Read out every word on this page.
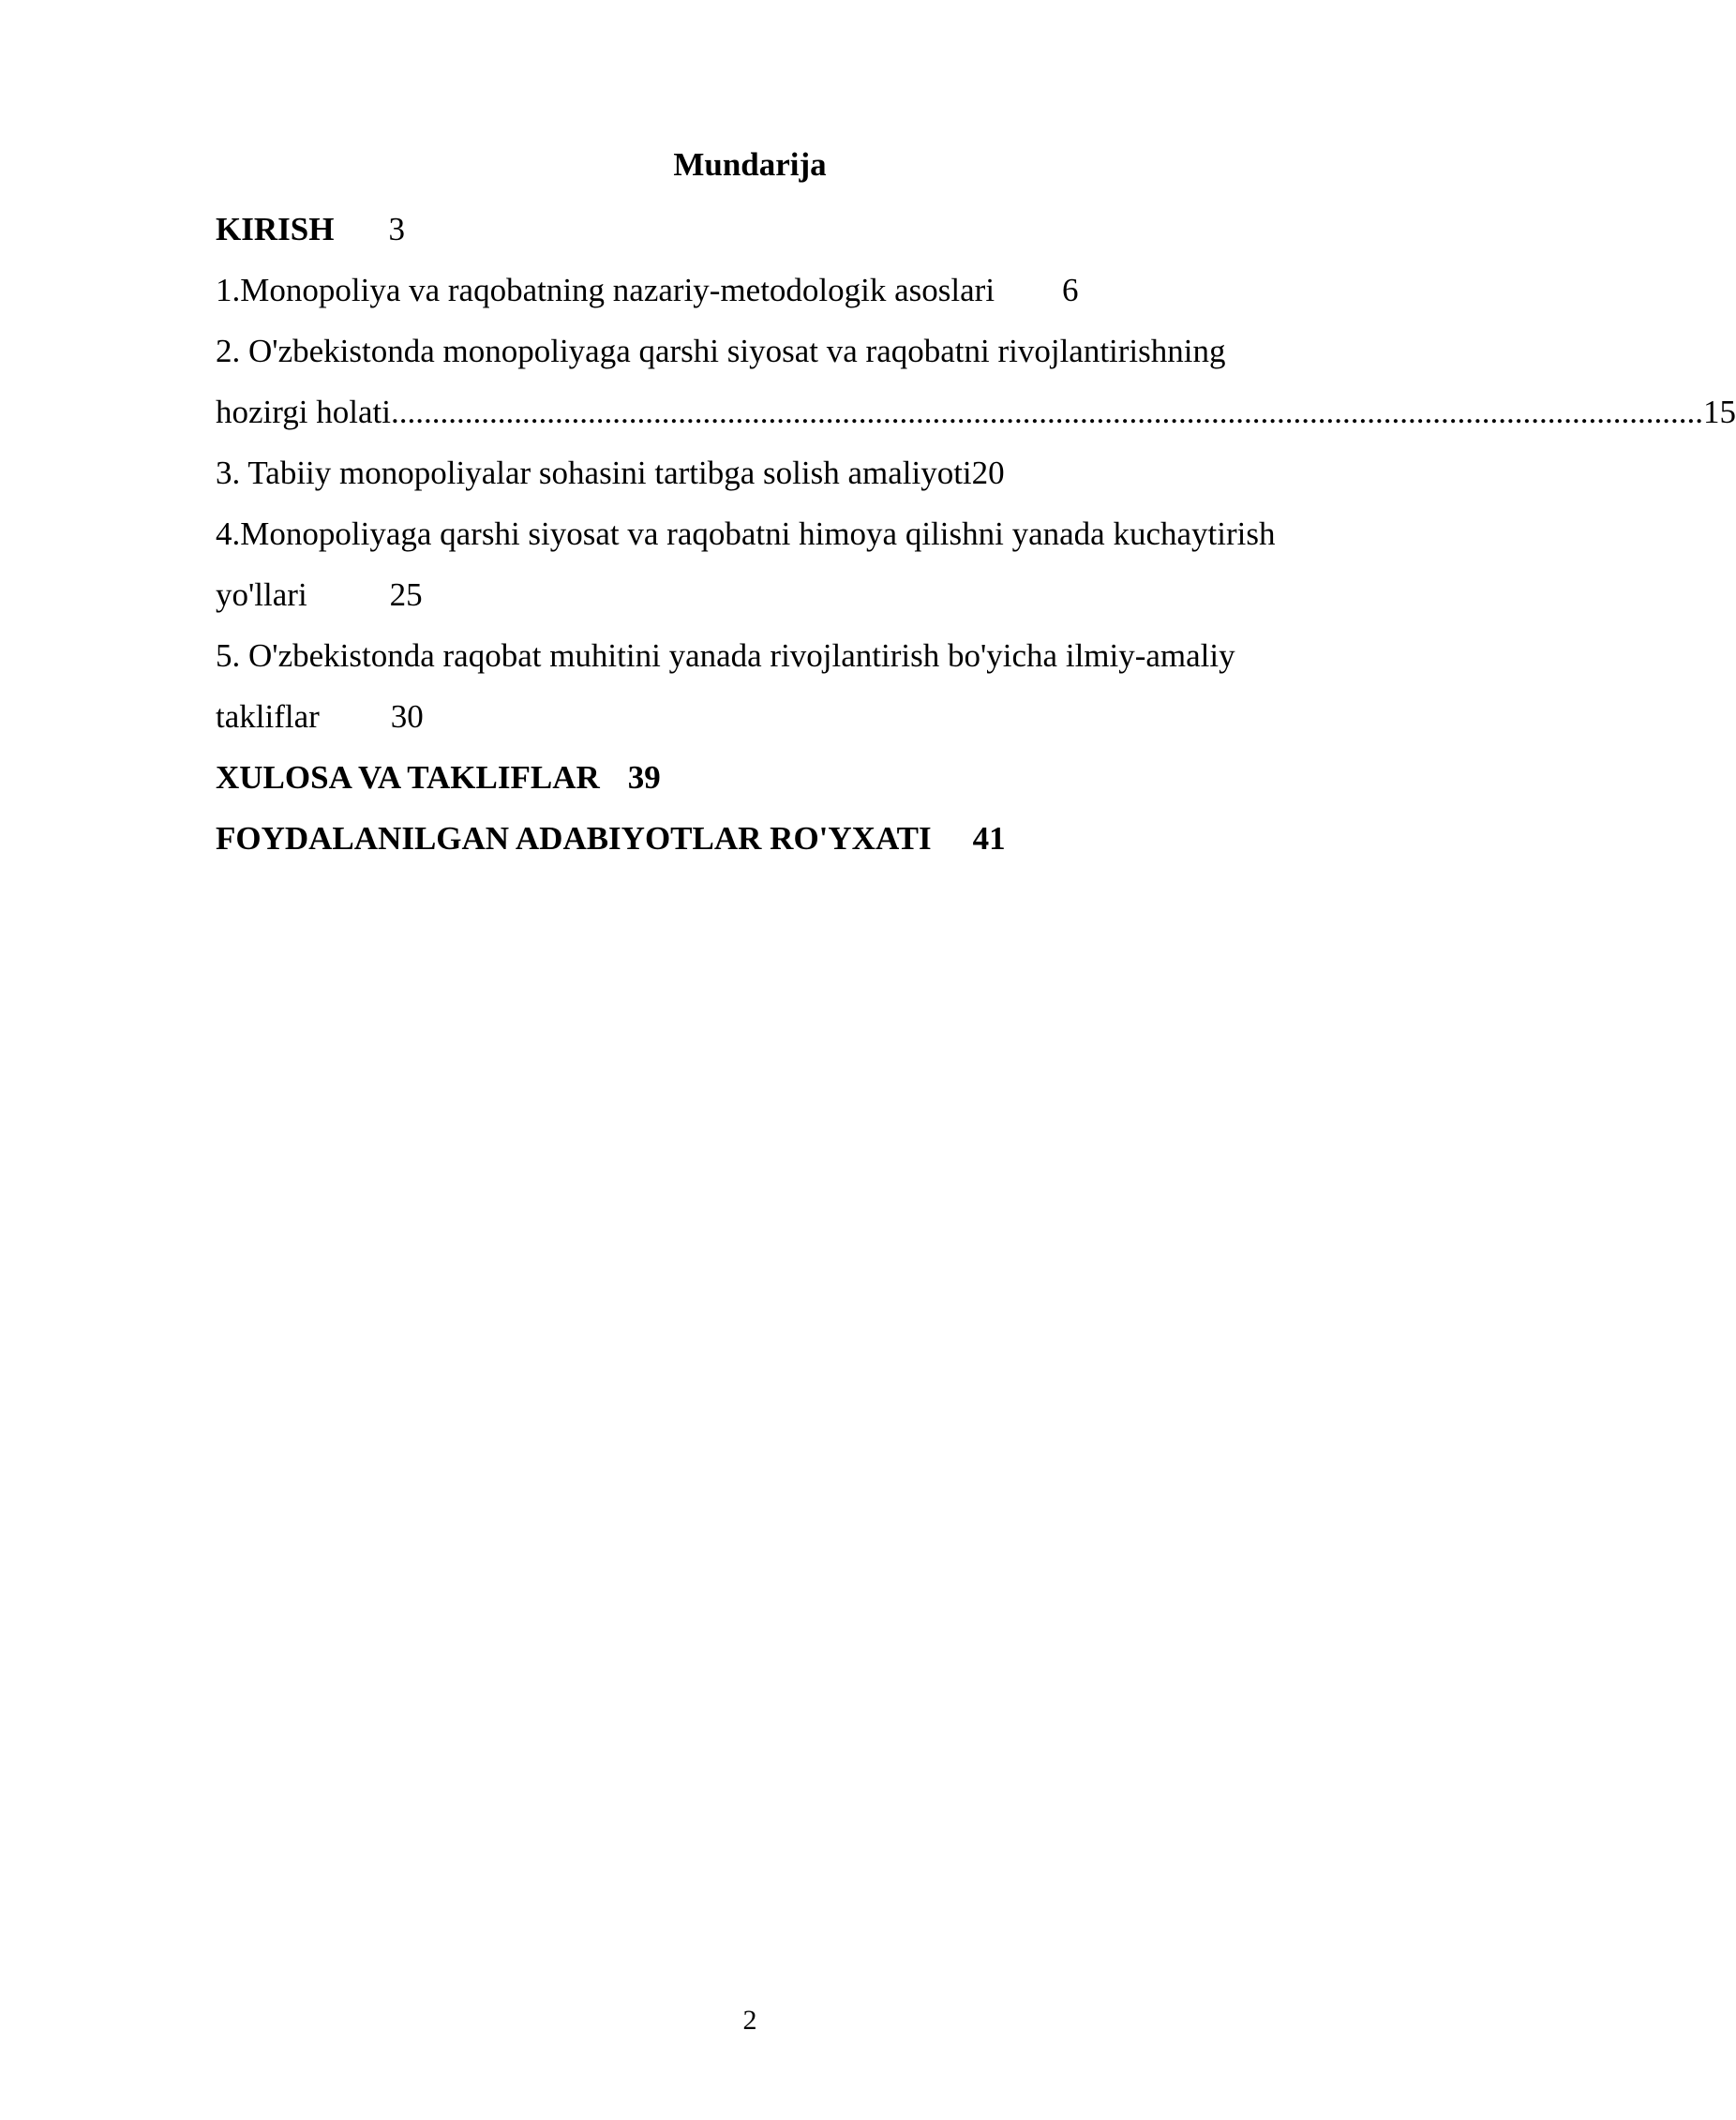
Mundarija
KIRISH 3
1.Monopoliya va raqobatning nazariy-metodologik asoslari 6
2. O'zbekistonda monopoliyaga qarshi siyosat va raqobatni rivojlantirishning
hozirgi holati ................................................................................................................................................................ 15
3. Tabiiy monopoliyalar sohasini tartibga solish amaliyoti20
4.Monopoliyaga qarshi siyosat va raqobatni himoya qilishni yanada kuchaytirish
yo'llari	25
5. O'zbekistonda raqobat muhitini yanada rivojlantirish bo'yicha ilmiy-amaliy
takliflar 30
XULOSA VA TAKLIFLAR 39
FOYDALANILGAN ADABIYOTLAR RO'YXATI 41
2
